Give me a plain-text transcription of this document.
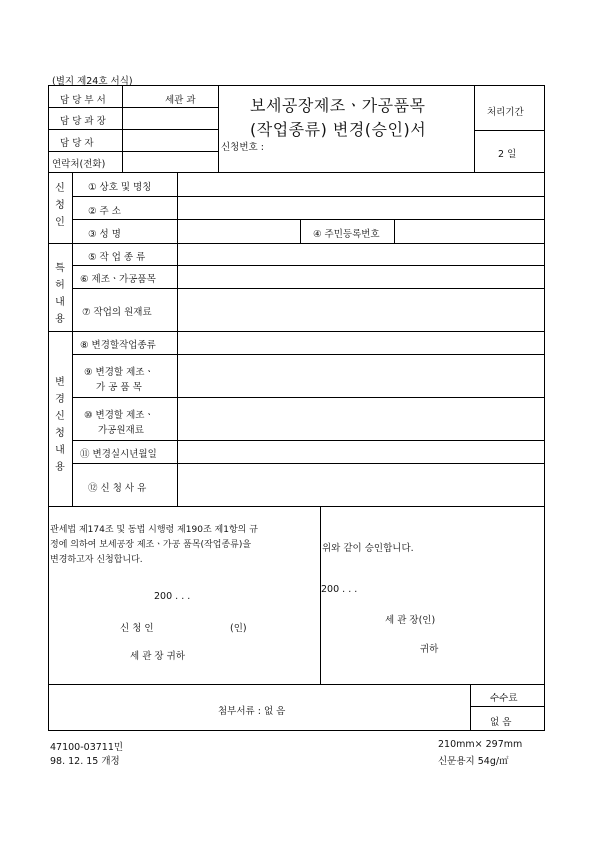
(별지 제24호 서식)
담 당 부 서	세관 과
담 당 과 장
담 당 자
연락처(전화)
보세공장제조ㆍ가공품목
(작업종류) 변경(승인)서
신청번호 :
처리기간
2 일
신
청
인
① 상호 및 명칭
② 주 소
③ 성 명	④ 주민등록번호
특
허
내
용
⑤ 작 업 종 류
⑥ 제조ㆍ가공품목
⑦ 작업의 원재료
변
경
신
청
내
용
⑧ 변경할작업종류
⑨ 변경할 제조ㆍ
가 공 품 목
⑩ 변경할 제조ㆍ
가공원재료
⑪ 변경실시년월일
⑫ 신 청 사 유
관세법 제174조 및 동법 시행령 제190조 제1항의 규
정에 의하여 보세공장 제조ㆍ가공 품목(작업종류)을
변경하고자 신청합니다.
200 . . .
신 청 인	(인)
세 관 장 귀하
위와 같이 승인합니다.
200 . . .
세 관 장(인)
귀하
첨부서류 : 없 음
수수료
없 음
47100-03711민
98. 12. 15 개정
210mm× 297mm
신문용지 54g/㎡
